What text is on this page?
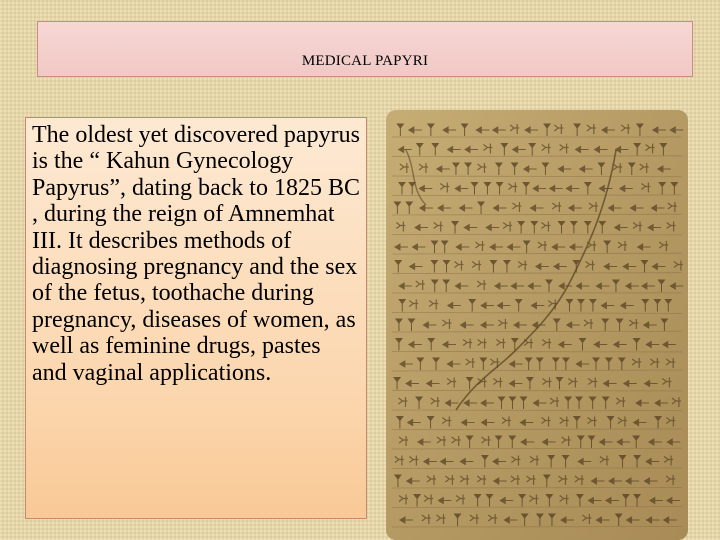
MEDICAL PAPYRI

The oldest yet discovered papyrus is the “ Kahun Gynecology Papyrus”, dating back to 1825 BC , during the reign of Amnemhat III. It describes methods of diagnosing pregnancy and the sex of the fetus, toothache during pregnancy, diseases of women, as well as feminine drugs, pastes and vaginal applications.
